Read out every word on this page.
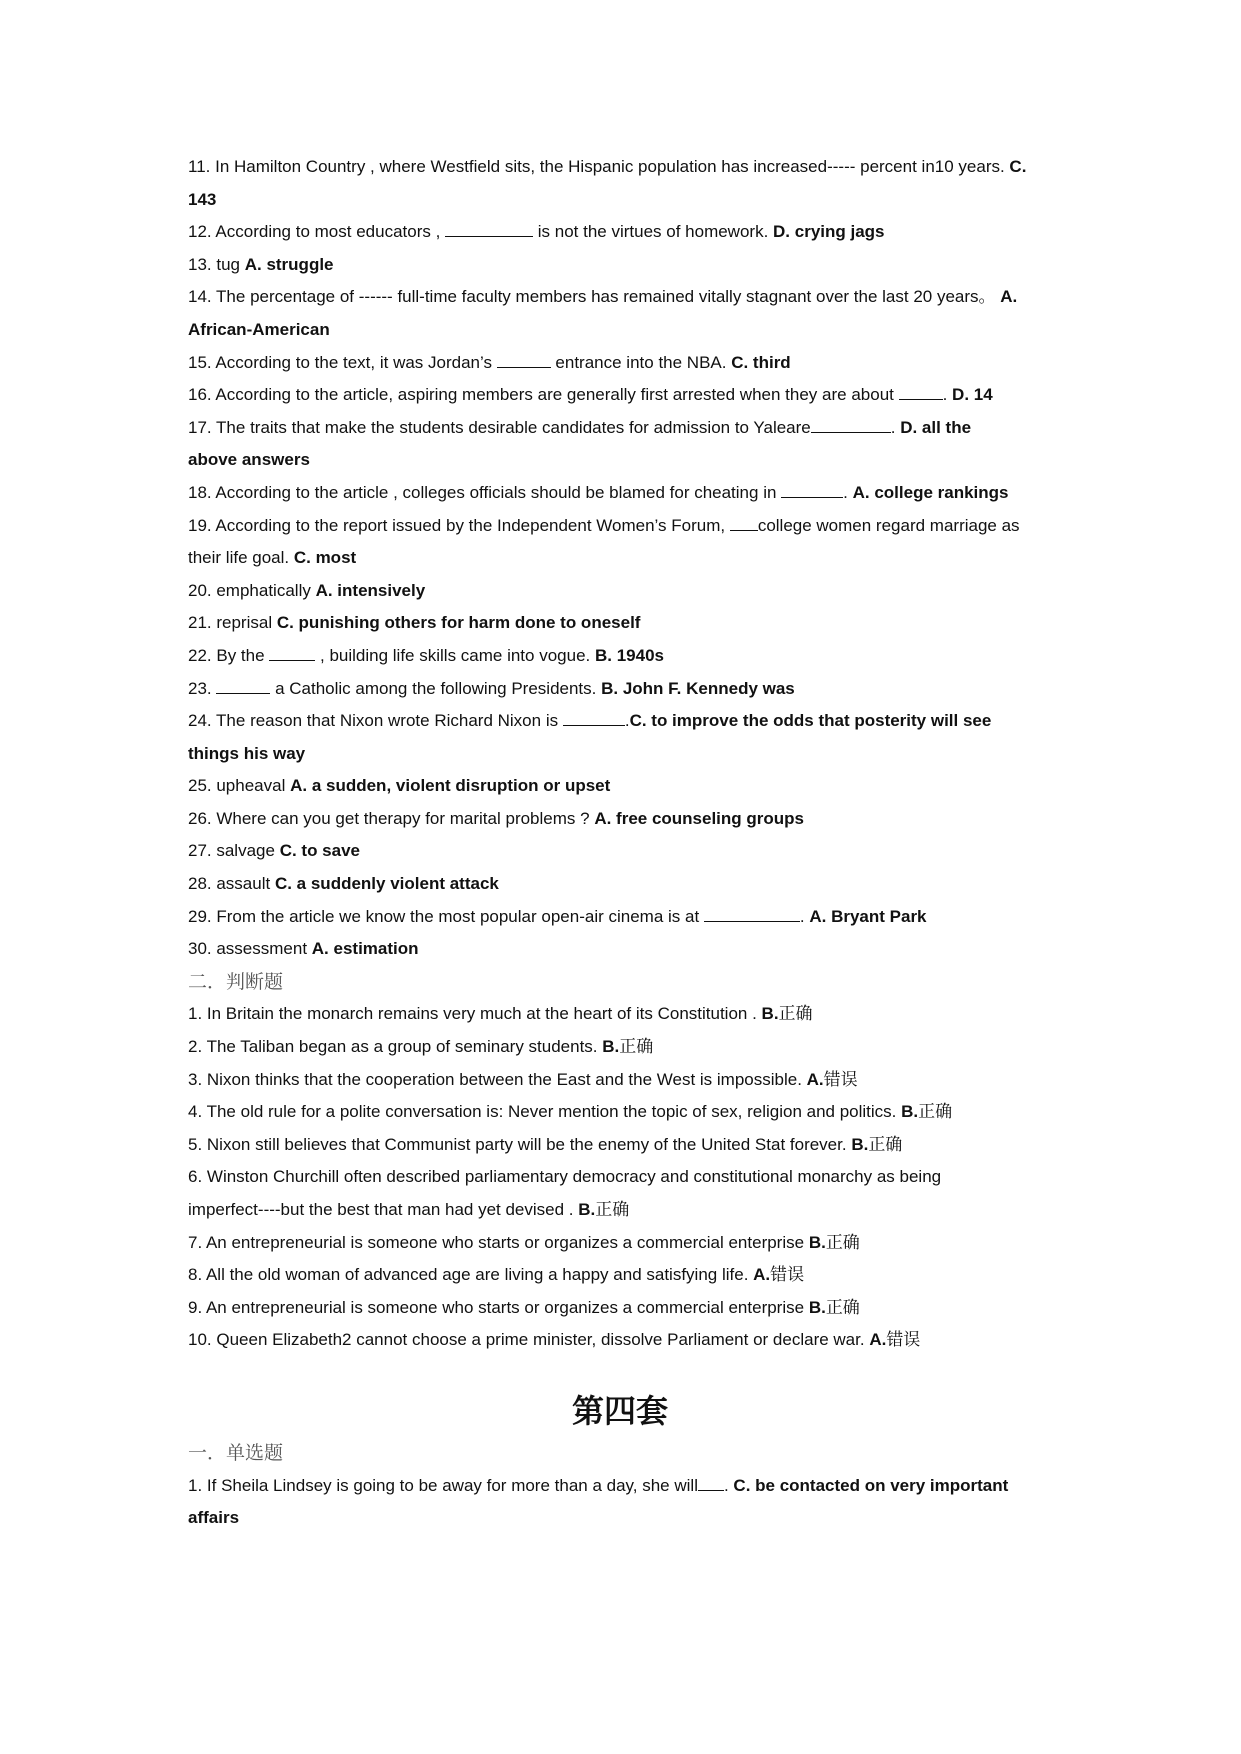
11. In Hamilton Country , where Westfield sits, the Hispanic population has increased----- percent in10 years. C.
143
12. According to most educators ,	is not the virtues of homework. D. crying jags
13. tug A. struggle
14. The percentage of ------ full-time faculty members has remained vitally stagnant over the last 20 years。 A.
African-American
15. According to the text, it was Jordan’s	entrance into the NBA. C. third
16. According to the article, aspiring members are generally first arrested when they are about	. D. 14
17. The traits that make the students desirable candidates for admission to Yaleare	. D. all the
above answers
18. According to the article , colleges officials should be blamed for cheating in	. A. college rankings
19. According to the report issued by the Independent Women’s Forum, college women regard marriage as
their life goal. C. most
20. emphatically A. intensively
21. reprisal C. punishing others for harm done to oneself
22. By the	, building life skills came into vogue. B. 1940s
23.	a Catholic among the following Presidents. B. John F. Kennedy was
24. The reason that Nixon wrote Richard Nixon is	.C. to improve the odds that posterity will see
things his way
25. upheaval A. a sudden, violent disruption or upset
26. Where can you get therapy for marital problems ? A. free counseling groups
27. salvage C. to save
28. assault C. a suddenly violent attack
29. From the article we know the most popular open-air cinema is at	. A. Bryant Park
30. assessment A. estimation
二．判断题
1. In Britain the monarch remains very much at the heart of its Constitution . B.正确
2. The Taliban began as a group of seminary students. B.正确
3. Nixon thinks that the cooperation between the East and the West is impossible. A.错误
4. The old rule for a polite conversation is: Never mention the topic of sex, religion and politics. B.正确
5. Nixon still believes that Communist party will be the enemy of the United Stat forever. B.正确
6. Winston Churchill often described parliamentary democracy and constitutional monarchy as being
imperfect----but the best that man had yet devised . B.正确
7. An entrepreneurial is someone who starts or organizes a commercial enterprise B.正确
8. All the old woman of advanced age are living a happy and satisfying life. A.错误
9. An entrepreneurial is someone who starts or organizes a commercial enterprise B.正确
10. Queen Elizabeth2 cannot choose a prime minister, dissolve Parliament or declare war. A.错误
第四套
一．单选题
1. If Sheila Lindsey is going to be away for more than a day, she will . C. be contacted on very important
affairs
